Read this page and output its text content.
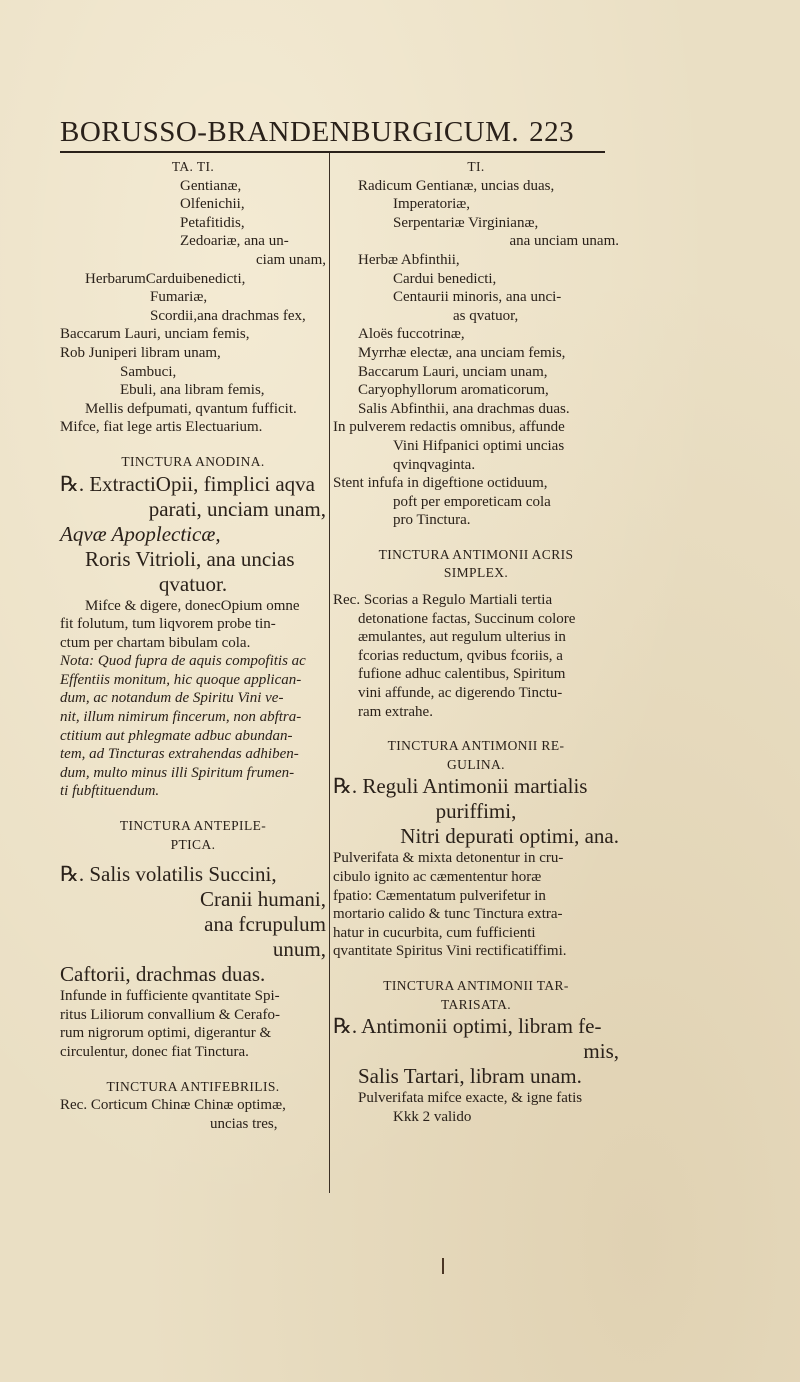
BORUSSO-BRANDENBURGICUM. 223
TA. TI.
Gentianæ,
Olfenichii,
Petafitidis,
Zedoariæ, ana un-
ciam unam,
HerbarumCarduibenedicti,
Fumariæ,
Scordii,ana drachmas fex,
Baccarum Lauri, unciam femis,
Rob Juniperi libram unam,
Sambuci,
Ebuli, ana libram femis,
Mellis defpumati, qvantum fufficit.
Mifce, fiat lege artis Electuarium.
TINCTURA ANODINA.
℞. ExtractiOpii, fimplici aqva
parati, unciam unam,
Aqvæ Apoplecticæ,
Roris Vitrioli, ana uncias
qvatuor.
Mifce & digere, donecOpium omne
fit folutum, tum liqvorem probe tin-
ctum per chartam bibulam cola.
Nota: Quod fupra de aquis compofitis ac
Effentiis monitum, hic quoque applican-
dum, ac notandum de Spiritu Vini ve-
nit, illum nimirum fincerum, non abftra-
ctitium aut phlegmate adbuc abundan-
tem, ad Tincturas extrahendas adhiben-
dum, multo minus illi Spiritum frumen-
ti fubftituendum.
TINCTURA ANTEPILE-
PTICA.
℞. Salis volatilis Succini,
Cranii humani,
ana fcrupulum
unum,
Caftorii, drachmas duas.
Infunde in fufficiente qvantitate Spi-
ritus Liliorum convallium & Cerafo-
rum nigrorum optimi, digerantur &
circulentur, donec fiat Tinctura.
TINCTURA ANTIFEBRILIS.
Rec. Corticum Chinæ Chinæ optimæ,
uncias tres,
TI.
Radicum Gentianæ, uncias duas,
Imperatoriæ,
Serpentariæ Virginianæ,
ana unciam unam.
Herbæ Abfinthii,
Cardui benedicti,
Centaurii minoris, ana unci-
as qvatuor,
Aloës fuccotrinæ,
Myrrhæ electæ, ana unciam femis,
Baccarum Lauri, unciam unam,
Caryophyllorum aromaticorum,
Salis Abfinthii, ana drachmas duas.
In pulverem redactis omnibus, affunde
Vini Hifpanici optimi uncias
qvinqvaginta.
Stent infufa in digeftione octiduum,
poft per emporeticam cola
pro Tinctura.
TINCTURA ANTIMONII ACRIS
SIMPLEX.
Rec. Scorias a Regulo Martiali tertia
detonatione factas, Succinum colore
æmulantes, aut regulum ulterius in
fcorias reductum, qvibus fcoriis, a
fufione adhuc calentibus, Spiritum
vini affunde, ac digerendo Tinctu-
ram extrahe.
TINCTURA ANTIMONII RE-
GULINA.
℞. Reguli Antimonii martialis
puriffimi,
Nitri depurati optimi, ana.
Pulverifata & mixta detonentur in cru-
cibulo ignito ac cæmententur horæ
fpatio: Cæmentatum pulverifetur in
mortario calido & tunc Tinctura extra-
hatur in cucurbita, cum fufficienti
qvantitate Spiritus Vini rectificatiffimi.
TINCTURA ANTIMONII TAR-
TARISATA.
℞. Antimonii optimi, libram fe-
mis,
Salis Tartari, libram unam.
Pulverifata mifce exacte, & igne fatis
Kkk 2 valido
